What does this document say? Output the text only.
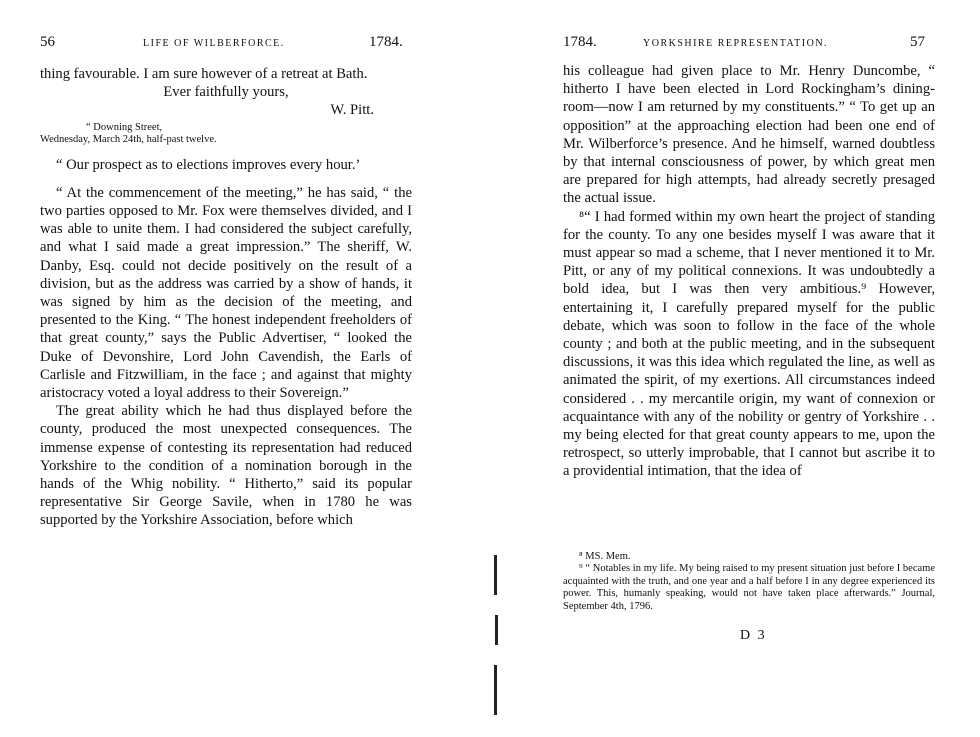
56	LIFE OF WILBERFORCE.	1784.

thing favourable. I am sure however of a retreat at Bath.

Ever faithfully yours,

W. Pitt.

“ Downing Street,
Wednesday, March 24th, half-past twelve.

“ Our prospect as to elections improves every hour.’

“ At the commencement of the meeting,” he has said, “ the two parties opposed to Mr. Fox were themselves divided, and I was able to unite them. I had considered the subject carefully, and what I said made a great impression.” The sheriff, W. Danby, Esq. could not decide positively on the result of a division, but as the address was carried by a show of hands, it was signed by him as the decision of the meeting, and presented to the King. “ The honest independent freeholders of that great county,” says the Public Advertiser, “ looked the Duke of Devonshire, Lord John Cavendish, the Earls of Carlisle and Fitzwilliam, in the face ; and against that mighty aristocracy voted a loyal address to their Sovereign.”

The great ability which he had thus displayed before the county, produced the most unexpected consequences. The immense expense of contesting its representation had reduced Yorkshire to the condition of a nomination borough in the hands of the Whig nobility. “ Hitherto,” said its popular representative Sir George Savile, when in 1780 he was supported by the Yorkshire Association, before which

1784.	YORKSHIRE REPRESENTATION.	57

his colleague had given place to Mr. Henry Duncombe, “ hitherto I have been elected in Lord Rockingham’s dining-room—now I am returned by my constituents.” “ To get up an opposition” at the approaching election had been one end of Mr. Wilberforce’s presence. And he himself, warned doubtless by that internal consciousness of power, by which great men are prepared for high attempts, had already secretly presaged the actual issue.

⁸“ I had formed within my own heart the project of standing for the county. To any one besides myself I was aware that it must appear so mad a scheme, that I never mentioned it to Mr. Pitt, or any of my political connexions. It was undoubtedly a bold idea, but I was then very ambitious.⁹ However, entertaining it, I carefully prepared myself for the public debate, which was soon to follow in the face of the whole county ; and both at the public meeting, and in the subsequent discussions, it was this idea which regulated the line, as well as animated the spirit, of my exertions. All circumstances indeed considered . . my mercantile origin, my want of connexion or acquaintance with any of the nobility or gentry of Yorkshire . . my being elected for that great county appears to me, upon the retrospect, so utterly improbable, that I cannot but ascribe it to a providential intimation, that the idea of

⁸ MS. Mem.

⁹ “ Notables in my life. My being raised to my present situation just before I became acquainted with the truth, and one year and a half before I in any degree experienced its power. This, humanly speaking, would not have taken place afterwards.” Journal, September 4th, 1796.

D 3
